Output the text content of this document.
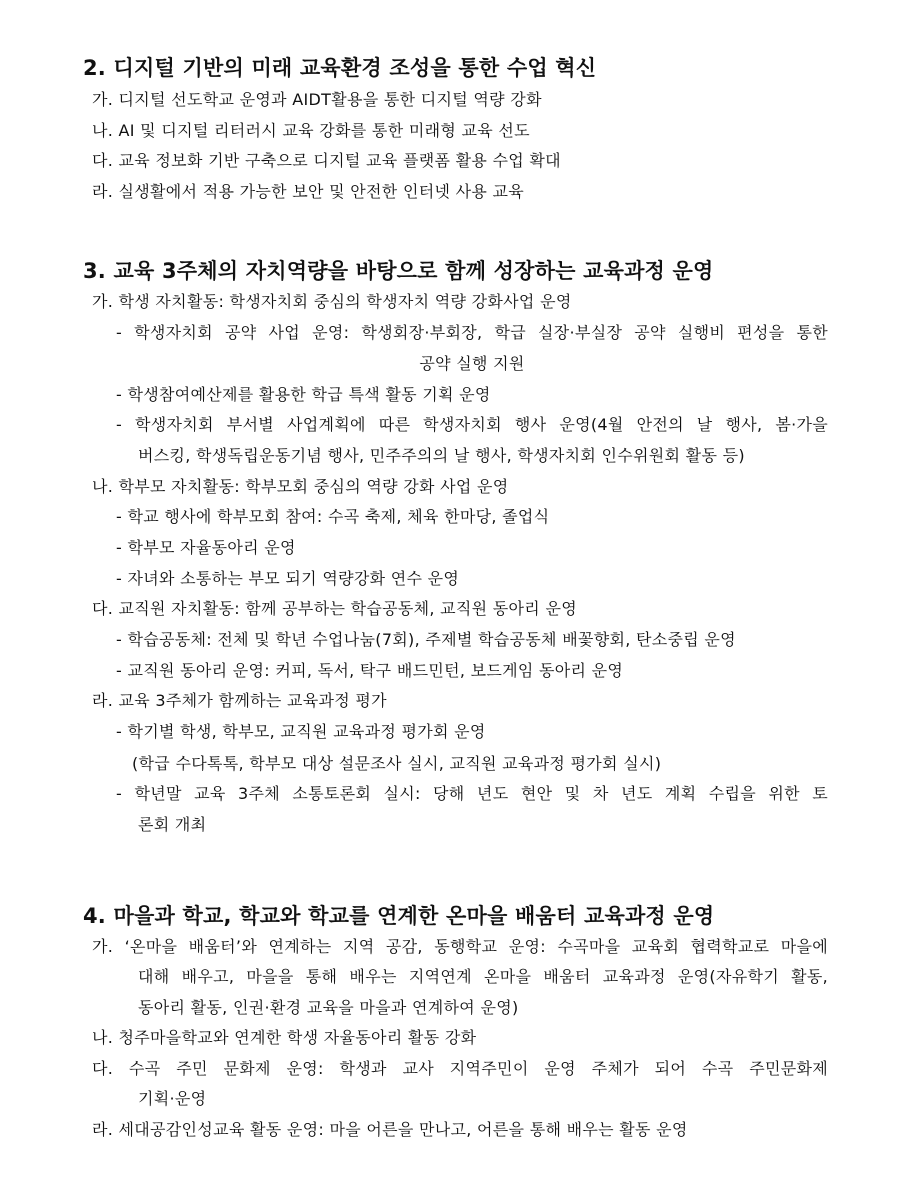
2. 디지털 기반의 미래 교육환경 조성을 통한 수업 혁신

가. 디지털 선도학교 운영과 AIDT활용을 통한 디지털 역량 강화

나. AI 및 디지털 리터러시 교육 강화를 통한 미래형 교육 선도

다. 교육 정보화 기반 구축으로 디지털 교육 플랫폼 활용 수업 확대

라. 실생활에서 적용 가능한 보안 및 안전한 인터넷 사용 교육

3. 교육 3주체의 자치역량을 바탕으로 함께 성장하는 교육과정 운영

가. 학생 자치활동: 학생자치회 중심의 학생자치 역량 강화사업 운영

- 학생자치회 공약 사업 운영: 학생회장·부회장, 학급 실장·부실장 공약 실행비 편성을 통한

공약 실행 지원

- 학생참여예산제를 활용한 학급 특색 활동 기획 운영

- 학생자치회 부서별 사업계획에 따른 학생자치회 행사 운영(4월 안전의 날 행사, 봄·가을

버스킹, 학생독립운동기념 행사, 민주주의의 날 행사, 학생자치회 인수위원회 활동 등)

나. 학부모 자치활동: 학부모회 중심의 역량 강화 사업 운영

- 학교 행사에 학부모회 참여: 수곡 축제, 체육 한마당, 졸업식

- 학부모 자율동아리 운영

- 자녀와 소통하는 부모 되기 역량강화 연수 운영

다. 교직원 자치활동: 함께 공부하는 학습공동체, 교직원 동아리 운영

- 학습공동체: 전체 및 학년 수업나눔(7회), 주제별 학습공동체 배꽃향회, 탄소중립 운영

- 교직원 동아리 운영: 커피, 독서, 탁구 배드민턴, 보드게임 동아리 운영

라. 교육 3주체가 함께하는 교육과정 평가

- 학기별 학생, 학부모, 교직원 교육과정 평가회 운영

(학급 수다톡톡, 학부모 대상 설문조사 실시, 교직원 교육과정 평가회 실시)

- 학년말 교육 3주체 소통토론회 실시: 당해 년도 현안 및 차 년도 계획 수립을 위한 토

론회 개최

4. 마을과 학교, 학교와 학교를 연계한 온마을 배움터 교육과정 운영

가. ‘온마을 배움터’와 연계하는 지역 공감, 동행학교 운영: 수곡마을 교육회 협력학교로 마을에

대해 배우고, 마을을 통해 배우는 지역연계 온마을 배움터 교육과정 운영(자유학기 활동,

동아리 활동, 인권·환경 교육을 마을과 연계하여 운영)

나. 청주마을학교와 연계한 학생 자율동아리 활동 강화

다. 수곡 주민 문화제 운영: 학생과 교사 지역주민이 운영 주체가 되어 수곡 주민문화제

기획·운영

라. 세대공감인성교육 활동 운영: 마을 어른을 만나고, 어른을 통해 배우는 활동 운영
